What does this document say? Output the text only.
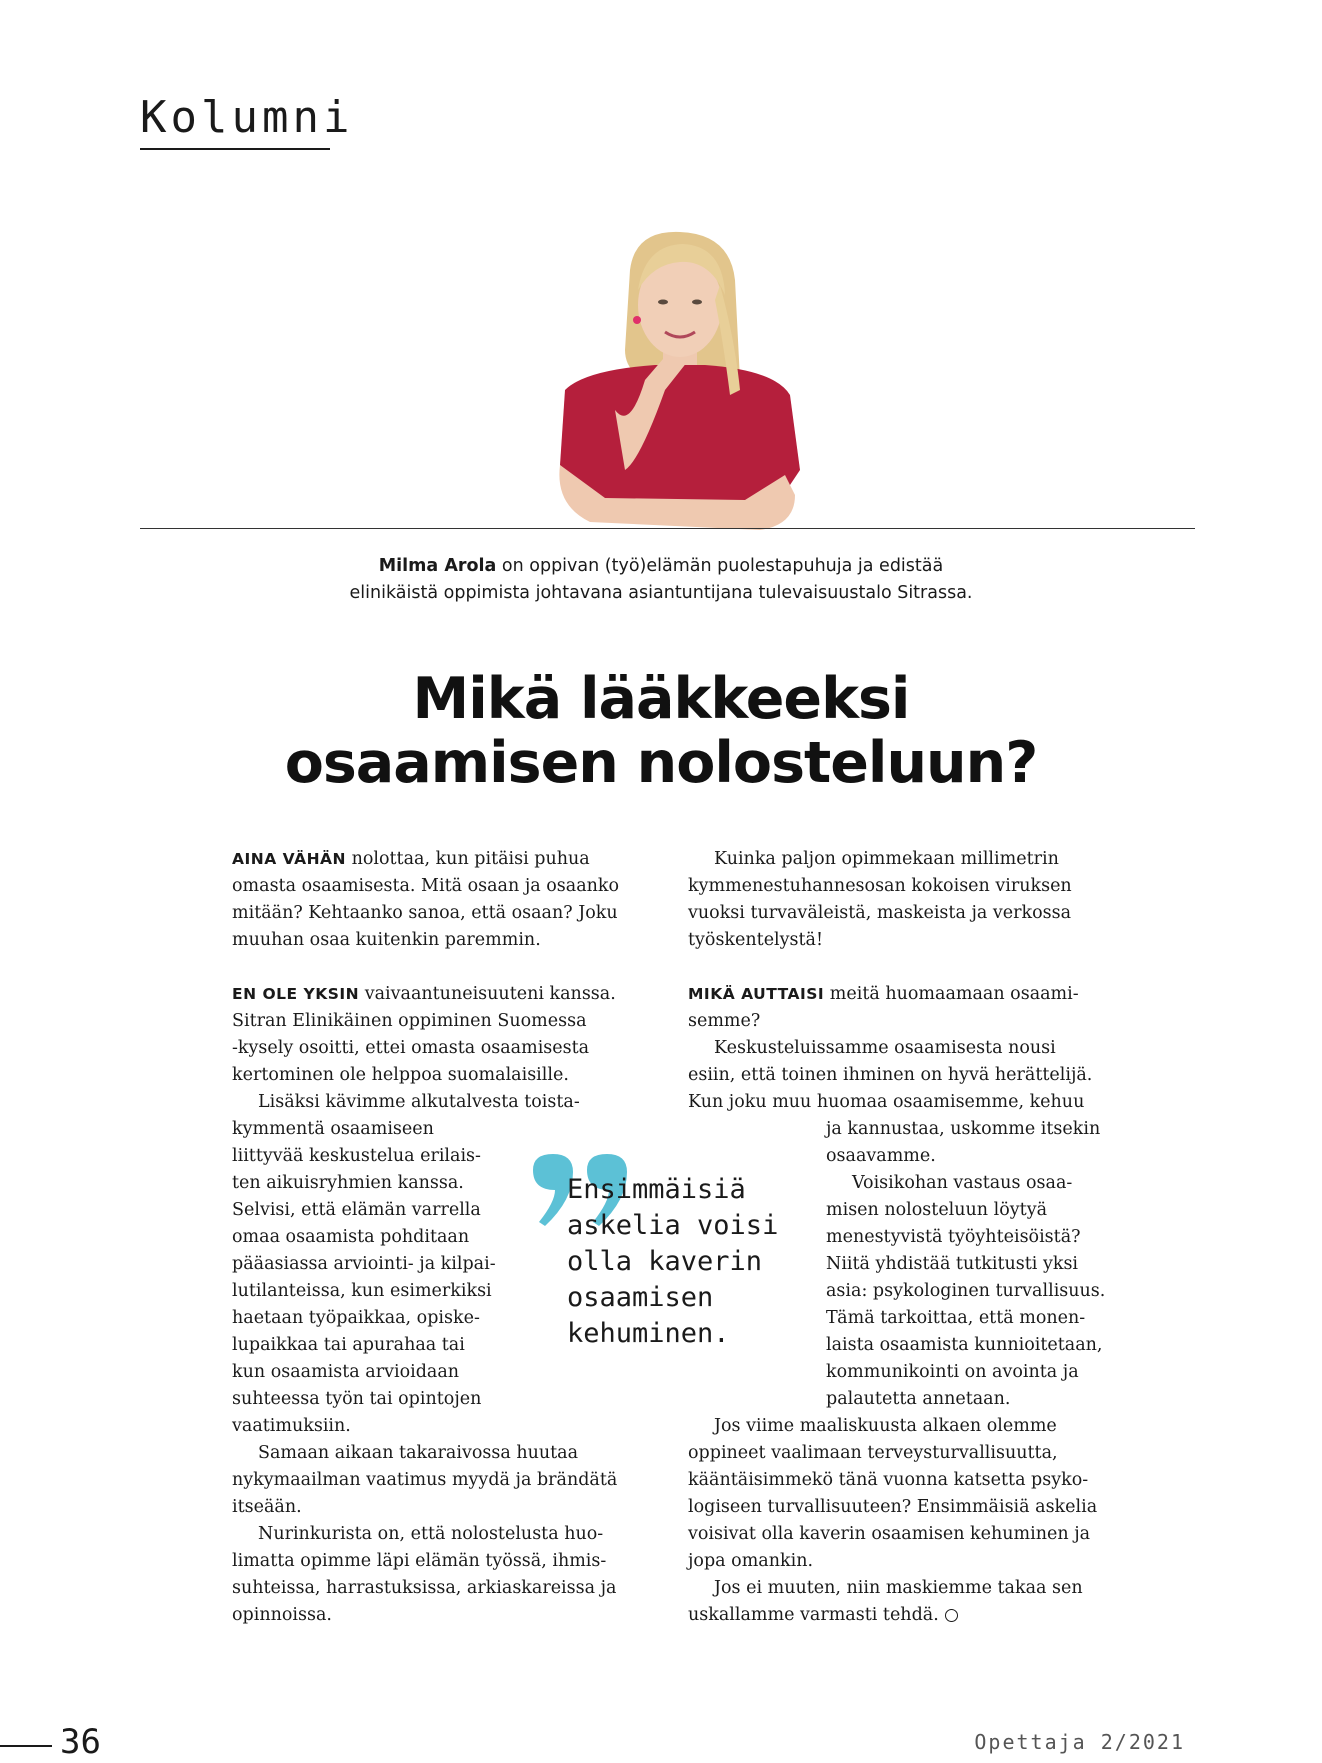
Kolumni

Milma Arola on oppivan (työ)elämän puolestapuhuja ja edistää
elinikäistä oppimista johtavana asiantuntijana tulevaisuustalo Sitrassa.

Mikä lääkkeeksi
osaamisen nolosteluun?

AINA VÄHÄN nolottaa, kun pitäisi puhua
omasta osaamisesta. Mitä osaan ja osaanko
mitään? Kehtaanko sanoa, että osaan? Joku
muuhan osaa kuitenkin paremmin.

EN OLE YKSIN vaivaantuneisuuteni kanssa.
Sitran Elinikäinen oppiminen Suomessa
-kysely osoitti, ettei omasta osaamisesta
kertominen ole helppoa suomalaisille.

Lisäksi kävimme alkutalvesta toista-
kymmentä osaamiseen
liittyvää keskustelua erilais-
ten aikuisryhmien kanssa.
Selvisi, että elämän varrella
omaa osaamista pohditaan
pääasiassa arviointi- ja kilpai-
lutilanteissa, kun esimerkiksi
haetaan työpaikkaa, opiske-
lupaikkaa tai apurahaa tai
kun osaamista arvioidaan
suhteessa työn tai opintojen
vaatimuksiin.

Samaan aikaan takaraivossa huutaa
nykymaailman vaatimus myydä ja brändätä
itseään.

Nurinkurista on, että nolostelusta huo-
limatta opimme läpi elämän työssä, ihmis-
suhteissa, harrastuksissa, arkiaskareissa ja
opinnoissa.

Kuinka paljon opimmekaan millimetrin
kymmenestuhannesosan kokoisen viruksen
vuoksi turvaväleistä, maskeista ja verkossa
työskentelystä!

MIKÄ AUTTAISI meitä huomaamaan osaami-
semme?

Keskusteluissamme osaamisesta nousi
esiin, että toinen ihminen on hyvä herättelijä.
Kun joku muu huomaa osaamisemme, kehuu
ja kannustaa, uskomme itsekin
osaavamme.

Voisikohan vastaus osaa-
misen nolosteluun löytyä
menestyvistä työyhteisöistä?
Niitä yhdistää tutkitusti yksi
asia: psykologinen turvallisuus.
Tämä tarkoittaa, että monen-
laista osaamista kunnioitetaan,
kommunikointi on avointa ja
palautetta annetaan.

Jos viime maaliskuusta alkaen olemme
oppineet vaalimaan terveysturvallisuutta,
kääntäisimmekö tänä vuonna katsetta psyko-
logiseen turvallisuuteen? Ensimmäisiä askelia
voisivat olla kaverin osaamisen kehuminen ja
jopa omankin.

Jos ei muuten, niin maskiemme takaa sen
uskallamme varmasti tehdä.

Ensimmäisiä
askelia voisi
olla kaverin
osaamisen
kehuminen.

36	Opettaja 2/2021
